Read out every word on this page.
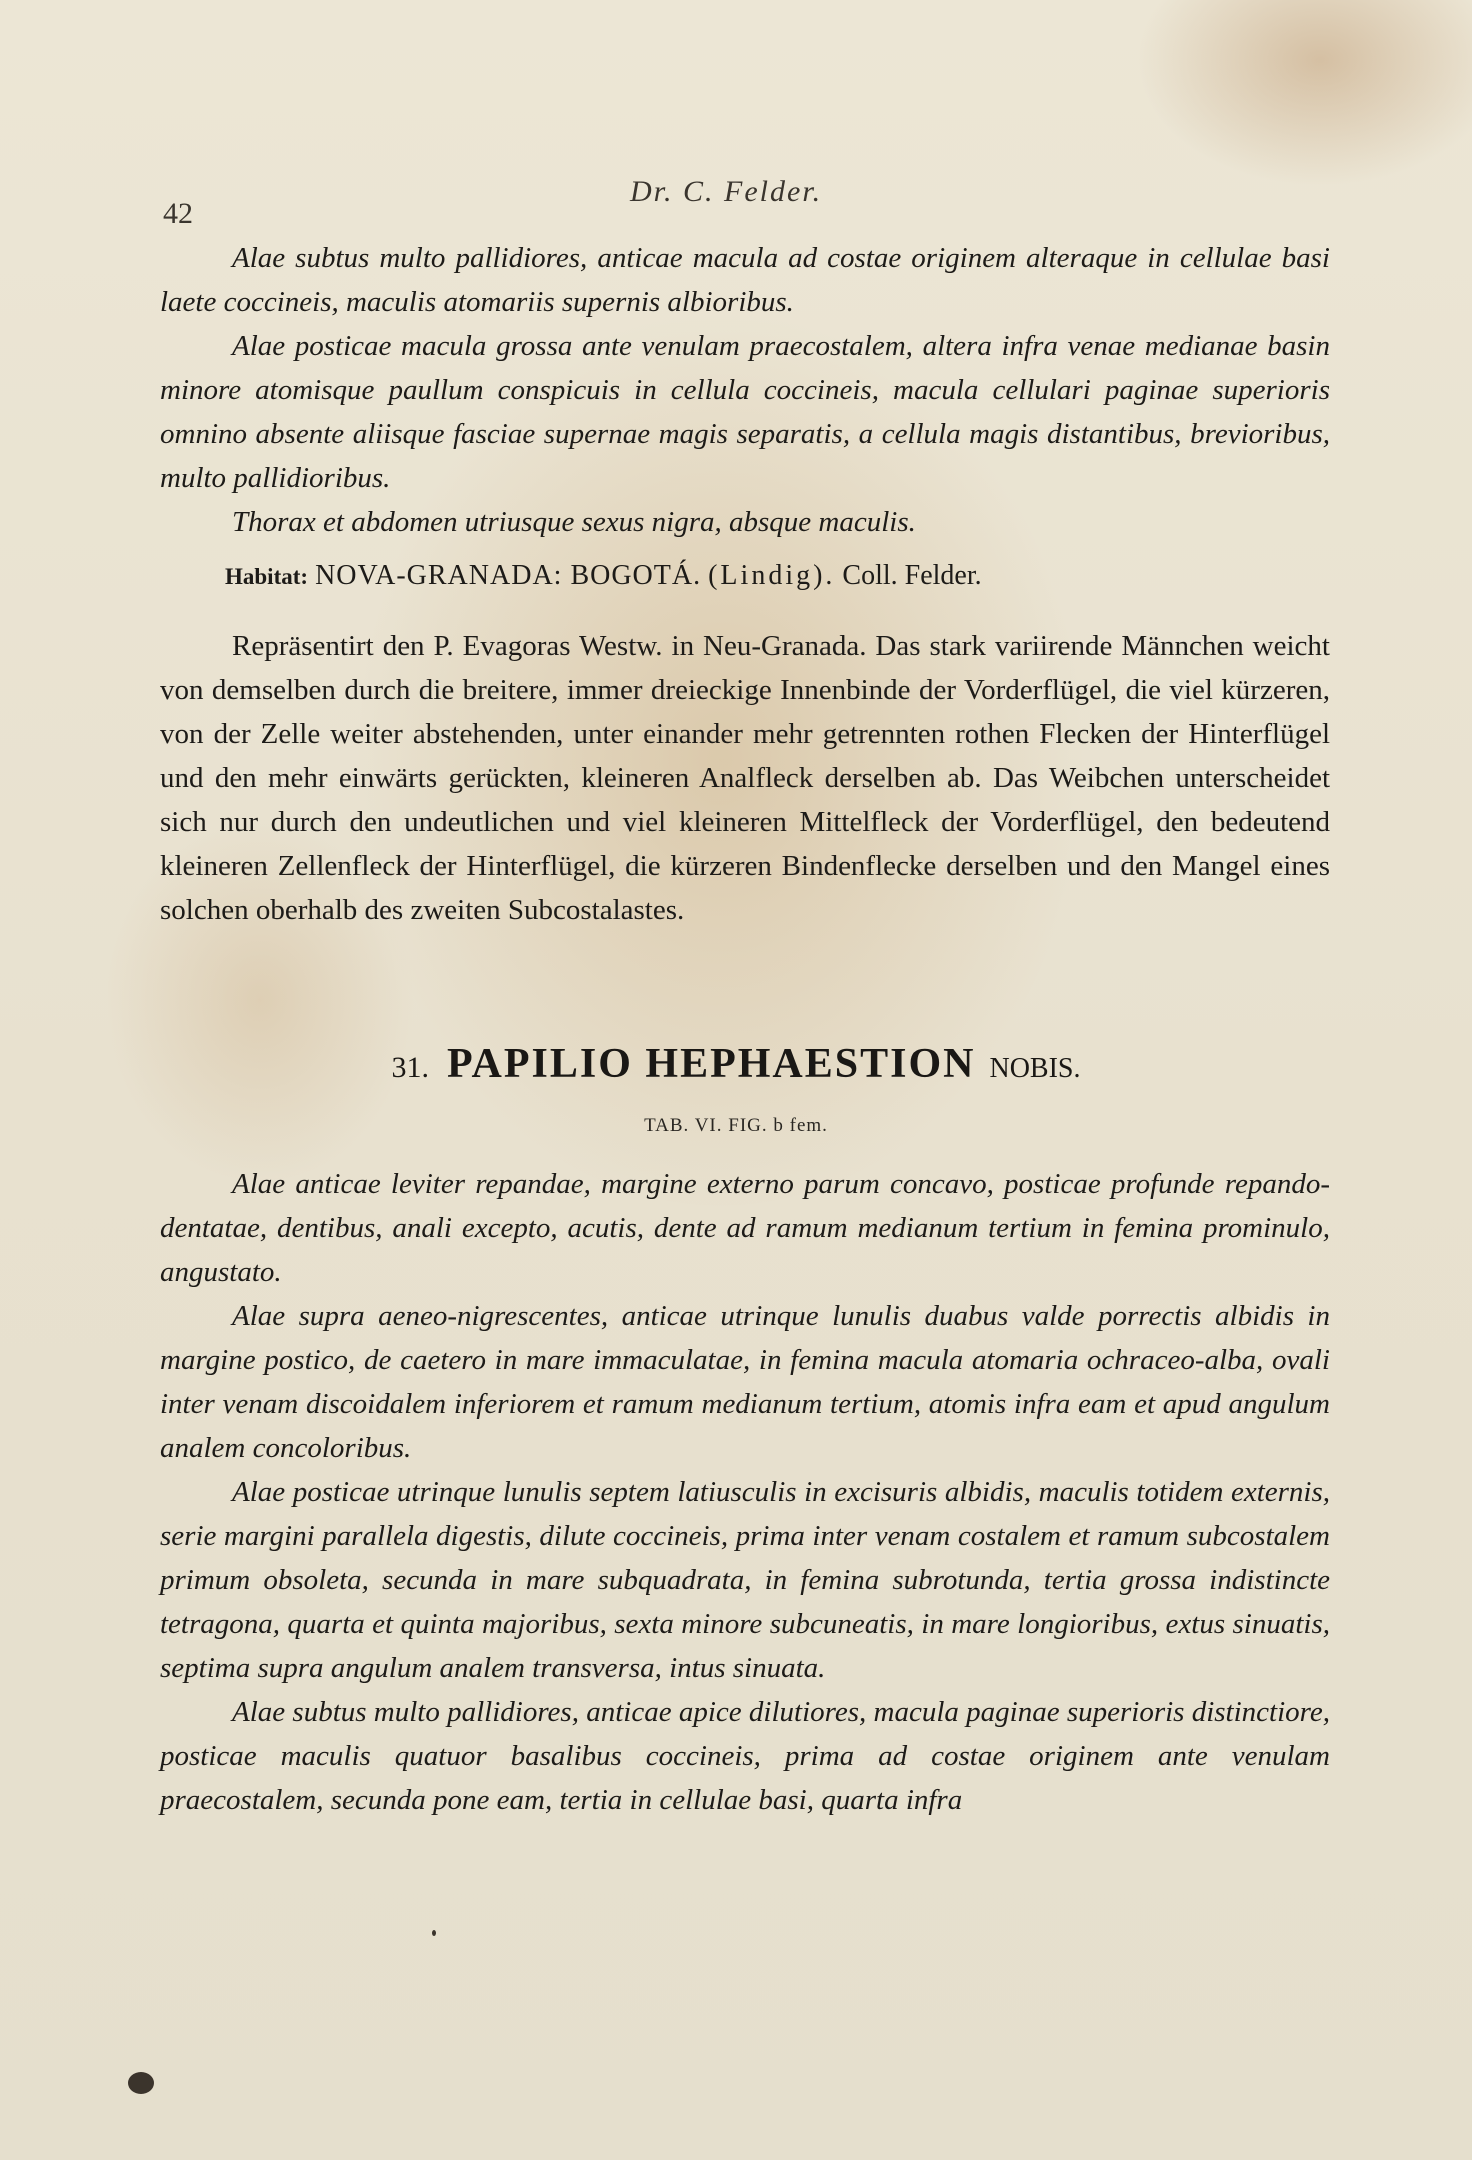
42
Dr. C. Felder.

Alae subtus multo pallidiores, anticae macula ad costae originem alteraque in cellulae basi laete coccineis, maculis atomariis supernis albioribus.

Alae posticae macula grossa ante venulam praecostalem, altera infra venae medianae basin minore atomisque paullum conspicuis in cellula coccineis, macula cellulari paginae superioris omnino absente aliisque fasciae supernae magis separatis, a cellula magis distantibus, brevioribus, multo pallidioribus.

Thorax et abdomen utriusque sexus nigra, absque maculis.

Habitat: NOVA-GRANADA: BOGOTÁ. (Lindig). Coll. Felder.

Repräsentirt den P. Evagoras Westw. in Neu-Granada. Das stark variirende Männchen weicht von demselben durch die breitere, immer dreieckige Innenbinde der Vorderflügel, die viel kürzeren, von der Zelle weiter abstehenden, unter einander mehr getrennten rothen Flecken der Hinterflügel und den mehr einwärts gerückten, kleineren Analfleck derselben ab. Das Weibchen unterscheidet sich nur durch den undeutlichen und viel kleineren Mittelfleck der Vorderflügel, den bedeutend kleineren Zellenfleck der Hinterflügel, die kürzeren Bindenflecke derselben und den Mangel eines solchen oberhalb des zweiten Subcostalastes.

31. PAPILIO HEPHAESTION NOBIS.
TAB. VI. FIG. b fem.

Alae anticae leviter repandae, margine externo parum concavo, posticae profunde repando-dentatae, dentibus, anali excepto, acutis, dente ad ramum medianum tertium in femina prominulo, angustato.

Alae supra aeneo-nigrescentes, anticae utrinque lunulis duabus valde porrectis albidis in margine postico, de caetero in mare immaculatae, in femina macula atomaria ochraceo-alba, ovali inter venam discoidalem inferiorem et ramum medianum tertium, atomis infra eam et apud angulum analem concoloribus.

Alae posticae utrinque lunulis septem latiusculis in excisuris albidis, maculis totidem externis, serie margini parallela digestis, dilute coccineis, prima inter venam costalem et ramum subcostalem primum obsoleta, secunda in mare subquadrata, in femina subrotunda, tertia grossa indistincte tetragona, quarta et quinta majoribus, sexta minore subcuneatis, in mare longioribus, extus sinuatis, septima supra angulum analem transversa, intus sinuata.

Alae subtus multo pallidiores, anticae apice dilutiores, macula paginae superioris distinctiore, posticae maculis quatuor basalibus coccineis, prima ad costae originem ante venulam praecostalem, secunda pone eam, tertia in cellulae basi, quarta infra
